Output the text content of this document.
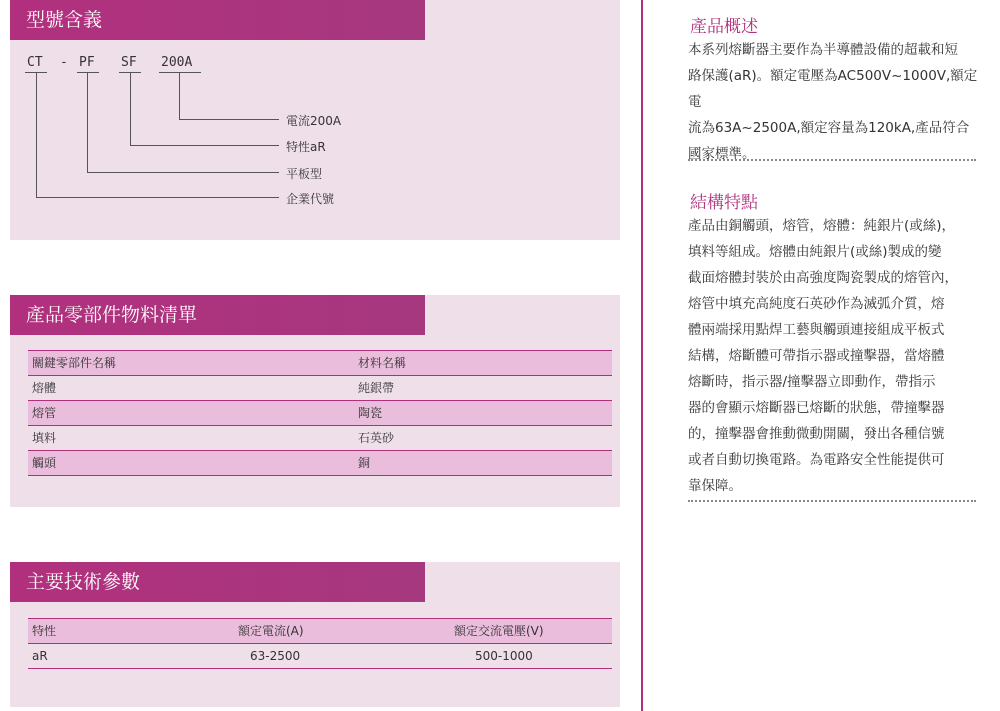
型號含義
CT - PF SF 200A
電流200A
特性aR
平板型
企業代號
產品零部件物料清單
關鍵零部件名稱	材料名稱
熔體	純銀帶
熔管	陶瓷
填料	石英砂
觸頭	銅
主要技術參數
特性	額定電流(A)	額定交流電壓(V)
aR	63-2500	500-1000
產品概述
本系列熔斷器主要作為半導體設備的超載和短
路保護(aR)。額定電壓為AC500V~1000V,額定電
流為63A~2500A,額定容量為120kA,產品符合
國家標準。
結構特點
產品由銅觸頭，熔管，熔體：純銀片(或絲)，
填料等組成。熔體由純銀片(或絲)製成的變
截面熔體封裝於由高強度陶瓷製成的熔管內，
熔管中填充高純度石英砂作為滅弧介質，熔
體兩端採用點焊工藝與觸頭連接組成平板式
結構，熔斷體可帶指示器或撞擊器，當熔體
熔斷時，指示器/撞擊器立即動作，帶指示
器的會顯示熔斷器已熔斷的狀態，帶撞擊器
的，撞擊器會推動微動開關，發出各種信號
或者自動切換電路。為電路安全性能提供可
靠保障。
